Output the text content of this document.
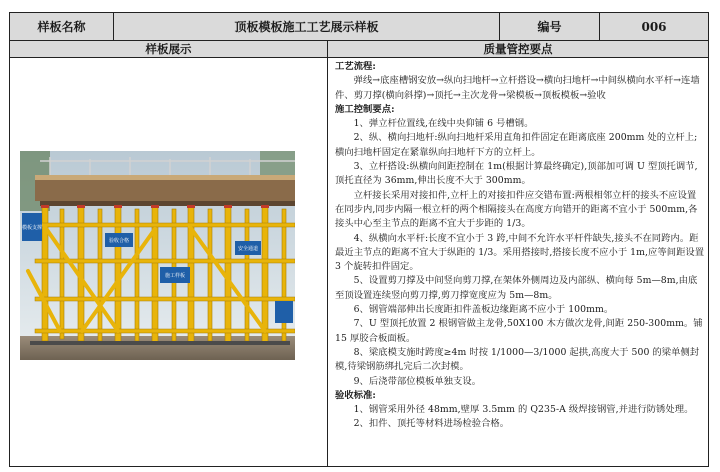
样板名称	顶板模板施工工艺展示样板	编号	006
样板展示	质量管控要点
模板支撑
验收合格
施工样板
安全通道

工艺流程:

弹线→底座槽钢安放→纵向扫地杆→立杆搭设→横向扫地杆→中间纵横向水平杆→连墙件、剪刀撑(横向斜撑)→顶托→主次龙骨→梁模板→顶板模板→验收

施工控制要点:

1、弹立杆位置线,在线中央仰铺 6 号槽钢。

2、纵、横向扫地杆:纵向扫地杆采用直角扣件固定在距离底座 200mm 处的立杆上;横向扫地杆固定在紧靠纵向扫地杆下方的立杆上。

3、立杆搭设:纵横向间距控制在 1m(根据计算最终确定),顶部加可调 U 型顶托调节,顶托直径为 36mm,伸出长度不大于 300mm。

立杆接长采用对接扣件,立杆上的对接扣件应交错布置:两根相邻立杆的接头不应设置在同步内,同步内隔一根立杆的两个相隔接头在高度方向错开的距离不宜小于 500mm,各接头中心至主节点的距离不宜大于步距的 1/3。

4、纵横向水平杆:长度不宜小于 3 跨,中间不允许水平杆件缺失,接头不在同跨内。距最近主节点的距离不宜大于纵距的 1/3。采用搭接时,搭接长度不应小于 1m,应等间距设置 3 个旋转扣件固定。

5、设置剪刀撑及中间竖向剪刀撑,在架体外侧周边及内部纵、横向每 5m—8m,由底至顶设置连续竖向剪刀撑,剪刀撑宽度应为 5m—8m。

6、钢管端部伸出长度距扣件盖板边缘距离不应小于 100mm。

7、U 型顶托放置 2 根钢管做主龙骨,50X100 木方做次龙骨,间距 250-300mm。铺 15 厚胶合板面板。

8、梁底模支施时跨度≥4m 时按 1/1000—3/1000 起拱,高度大于 500 的梁单侧封模,待梁钢筋绑扎完后二次封模。

9、后浇带部位模板单独支设。

验收标准:

1、钢管采用外径 48mm,壁厚 3.5mm 的 Q235-A 级焊接钢管,并进行防锈处理。

2、扣件、顶托等材料进场检验合格。
